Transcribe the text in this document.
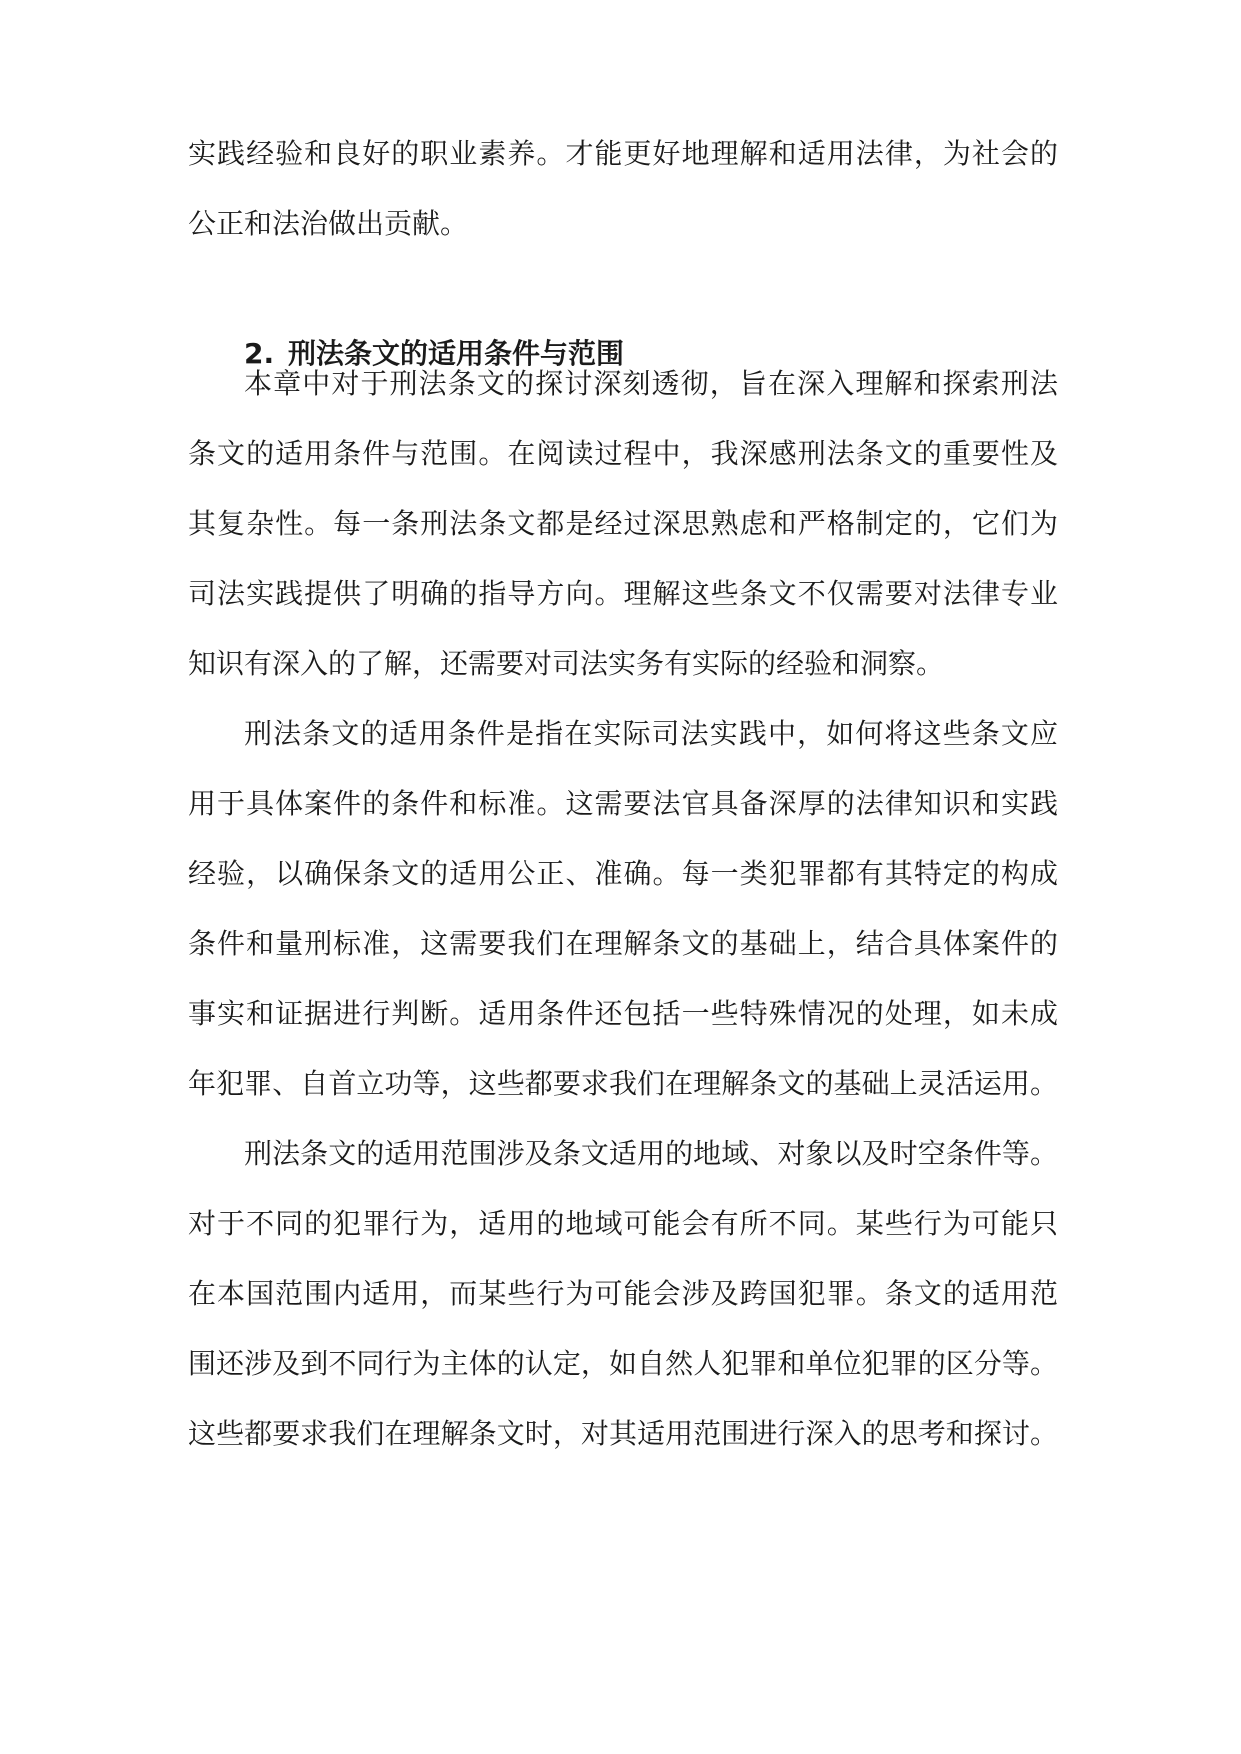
实践经验和良好的职业素养。才能更好地理解和适用法律，为社会的
公正和法治做出贡献。
2. 刑法条文的适用条件与范围
本章中对于刑法条文的探讨深刻透彻，旨在深入理解和探索刑法
条文的适用条件与范围。在阅读过程中，我深感刑法条文的重要性及
其复杂性。每一条刑法条文都是经过深思熟虑和严格制定的，它们为
司法实践提供了明确的指导方向。理解这些条文不仅需要对法律专业
知识有深入的了解，还需要对司法实务有实际的经验和洞察。
刑法条文的适用条件是指在实际司法实践中，如何将这些条文应
用于具体案件的条件和标准。这需要法官具备深厚的法律知识和实践
经验，以确保条文的适用公正、准确。每一类犯罪都有其特定的构成
条件和量刑标准，这需要我们在理解条文的基础上，结合具体案件的
事实和证据进行判断。适用条件还包括一些特殊情况的处理，如未成
年犯罪、自首立功等，这些都要求我们在理解条文的基础上灵活运用。
刑法条文的适用范围涉及条文适用的地域、对象以及时空条件等。
对于不同的犯罪行为，适用的地域可能会有所不同。某些行为可能只
在本国范围内适用，而某些行为可能会涉及跨国犯罪。条文的适用范
围还涉及到不同行为主体的认定，如自然人犯罪和单位犯罪的区分等。
这些都要求我们在理解条文时，对其适用范围进行深入的思考和探讨。
